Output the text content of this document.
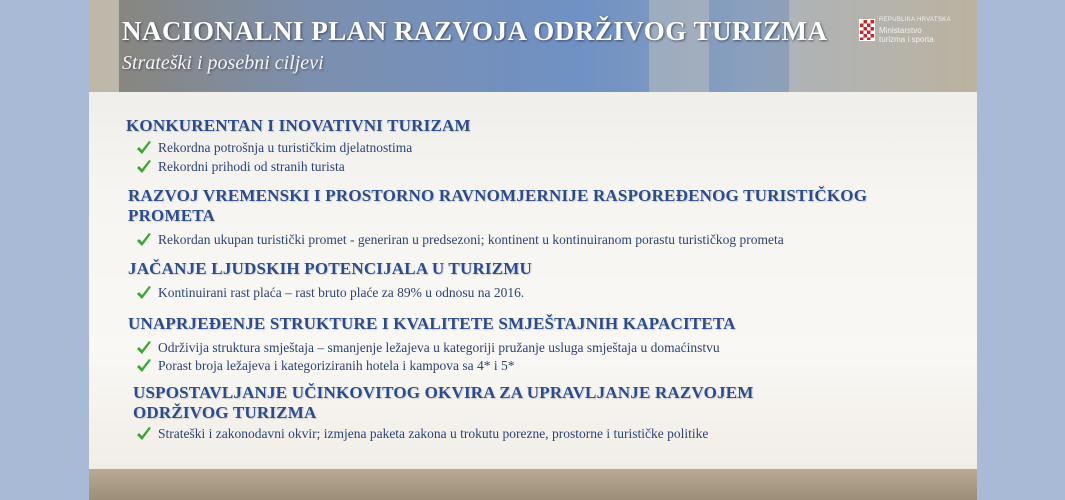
NACIONALNI PLAN RAZVOJA ODRŽIVOG TURIZMA

Strateški i posebni ciljevi

REPUBLIKA HRVATSKA
Ministarstvo
turizma i sporta
KONKURENTAN I INOVATIVNI TURIZAM
Rekordna potrošnja u turističkim djelatnostima
Rekordni prihodi od stranih turista
RAZVOJ VREMENSKI I PROSTORNO RAVNOMJERNIJE RASPOREĐENOG TURISTIČKOG
PROMETA
Rekordan ukupan turistički promet - generiran u predsezoni; kontinent u kontinuiranom porastu turističkog prometa
JAČANJE LJUDSKIH POTENCIJALA U TURIZMU
Kontinuirani rast plaća – rast bruto plaće za 89% u odnosu na 2016.
UNAPRJEĐENJE STRUKTURE I KVALITETE SMJEŠTAJNIH KAPACITETA
Održivija struktura smještaja – smanjenje ležajeva u kategoriji pružanje usluga smještaja u domaćinstvu
Porast broja ležajeva i kategoriziranih hotela i kampova sa 4* i 5*
USPOSTAVLJANJE UČINKOVITOG OKVIRA ZA UPRAVLJANJE RAZVOJEM
ODRŽIVOG TURIZMA
Strateški i zakonodavni okvir; izmjena paketa zakona u trokutu porezne, prostorne i turističke politike
